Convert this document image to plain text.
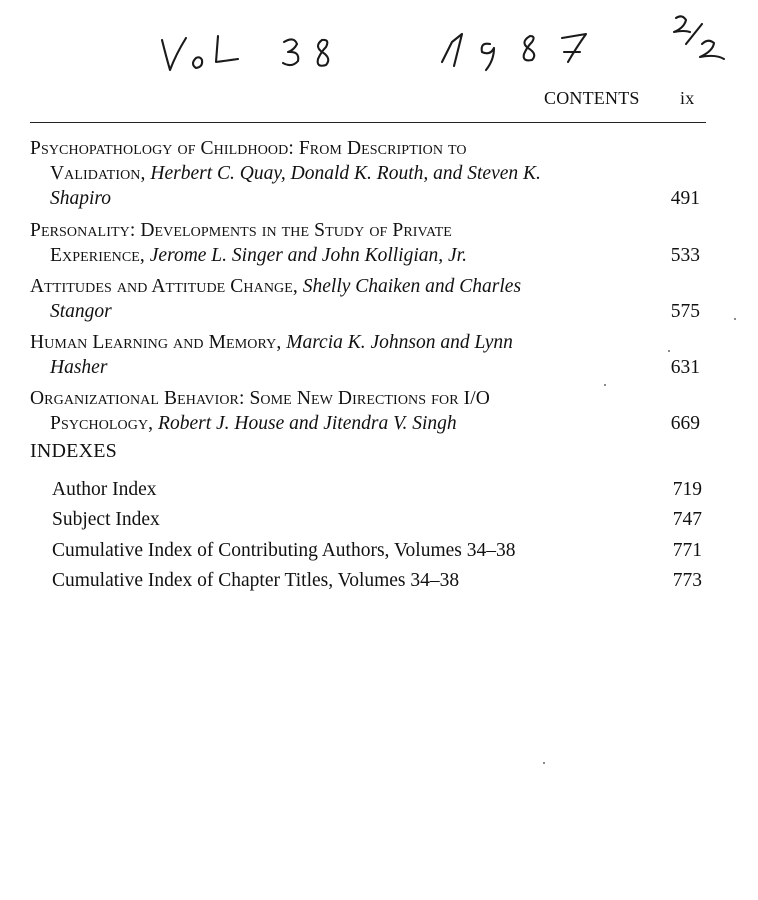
CONTENTS ix
Psychopathology of Childhood: From Description to
Validation, Herbert C. Quay, Donald K. Routh, and Steven K.
Shapiro	491
Personality: Developments in the Study of Private
Experience, Jerome L. Singer and John Kolligian, Jr.	533
Attitudes and Attitude Change, Shelly Chaiken and Charles
Stangor	575
Human Learning and Memory, Marcia K. Johnson and Lynn
Hasher	631
Organizational Behavior: Some New Directions for I/O
Psychology, Robert J. House and Jitendra V. Singh	669
INDEXES
Author Index	719
Subject Index	747
Cumulative Index of Contributing Authors, Volumes 34–38	771
Cumulative Index of Chapter Titles, Volumes 34–38	773
